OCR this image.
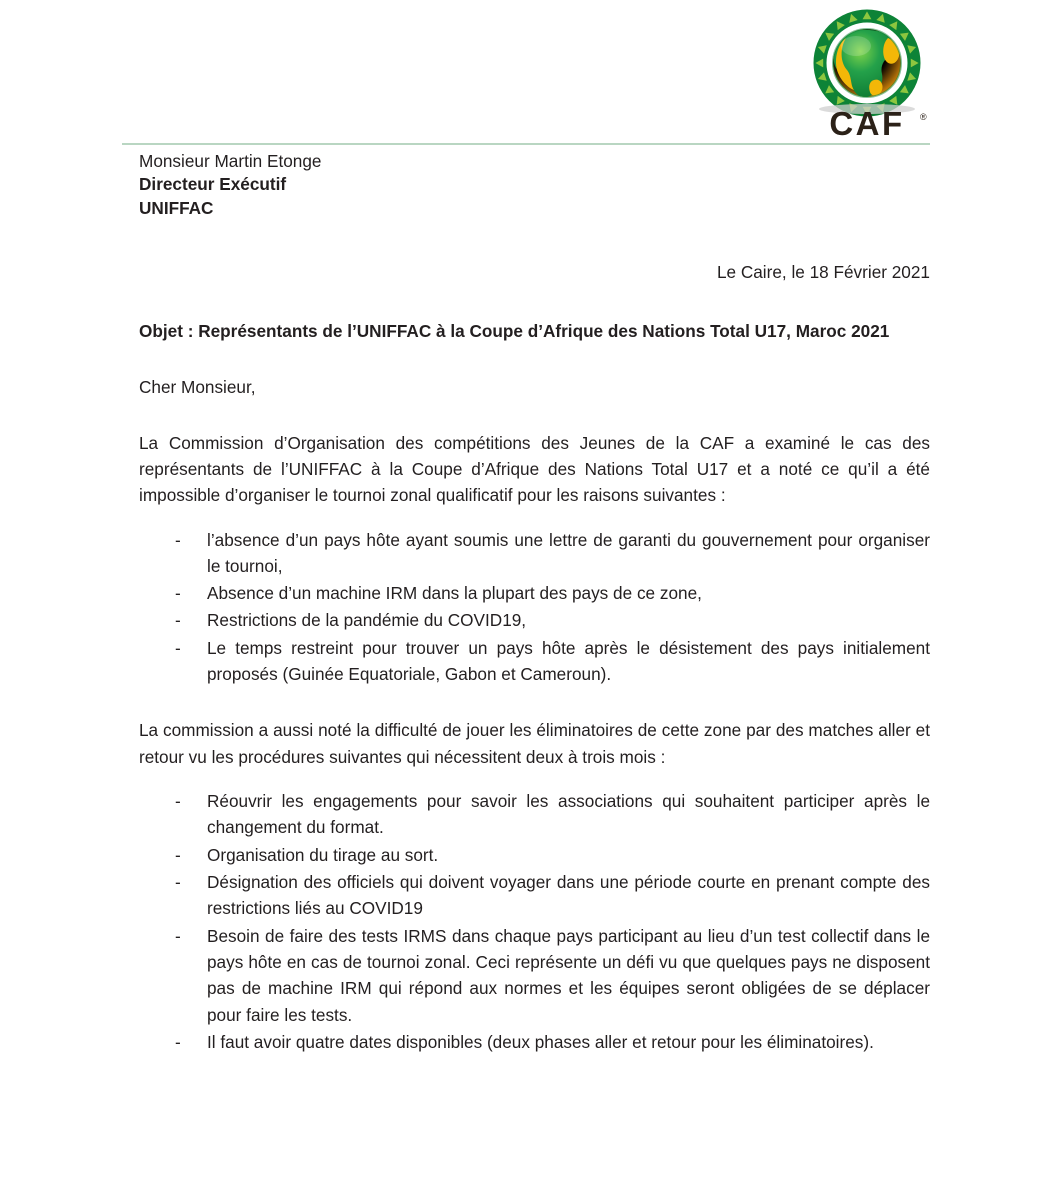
CAF ®
Monsieur Martin Etonge
Directeur Exécutif
UNIFFAC
Le Caire, le 18 Février 2021
Objet : Représentants de l’UNIFFAC à la Coupe d’Afrique des Nations Total U17, Maroc 2021
Cher Monsieur,
La Commission d’Organisation des compétitions des Jeunes de la CAF a examiné le cas des représentants de l’UNIFFAC à la Coupe d’Afrique des Nations Total U17 et a noté ce qu’il a été impossible d’organiser le tournoi zonal qualificatif pour les raisons suivantes :
-	l’absence d’un pays hôte ayant soumis une lettre de garanti du gouvernement pour organiser le tournoi,
-	Absence d’un machine IRM dans la plupart des pays de ce zone,
-	Restrictions de la pandémie du COVID19,
-	Le temps restreint pour trouver un pays hôte après le désistement des pays initialement proposés (Guinée Equatoriale, Gabon et Cameroun).
La commission a aussi noté la difficulté de jouer les éliminatoires de cette zone par des matches aller et retour vu les procédures suivantes qui nécessitent deux à trois mois :
-	Réouvrir les engagements pour savoir les associations qui souhaitent participer après le changement du format.
-	Organisation du tirage au sort.
-	Désignation des officiels qui doivent voyager dans une période courte en prenant compte des restrictions liés au COVID19
-	Besoin de faire des tests IRMS dans chaque pays participant au lieu d’un test collectif dans le pays hôte en cas de tournoi zonal. Ceci représente un défi vu que quelques pays ne disposent pas de machine IRM qui répond aux normes et les équipes seront obligées de se déplacer pour faire les tests.
-	Il faut avoir quatre dates disponibles (deux phases aller et retour pour les éliminatoires).
